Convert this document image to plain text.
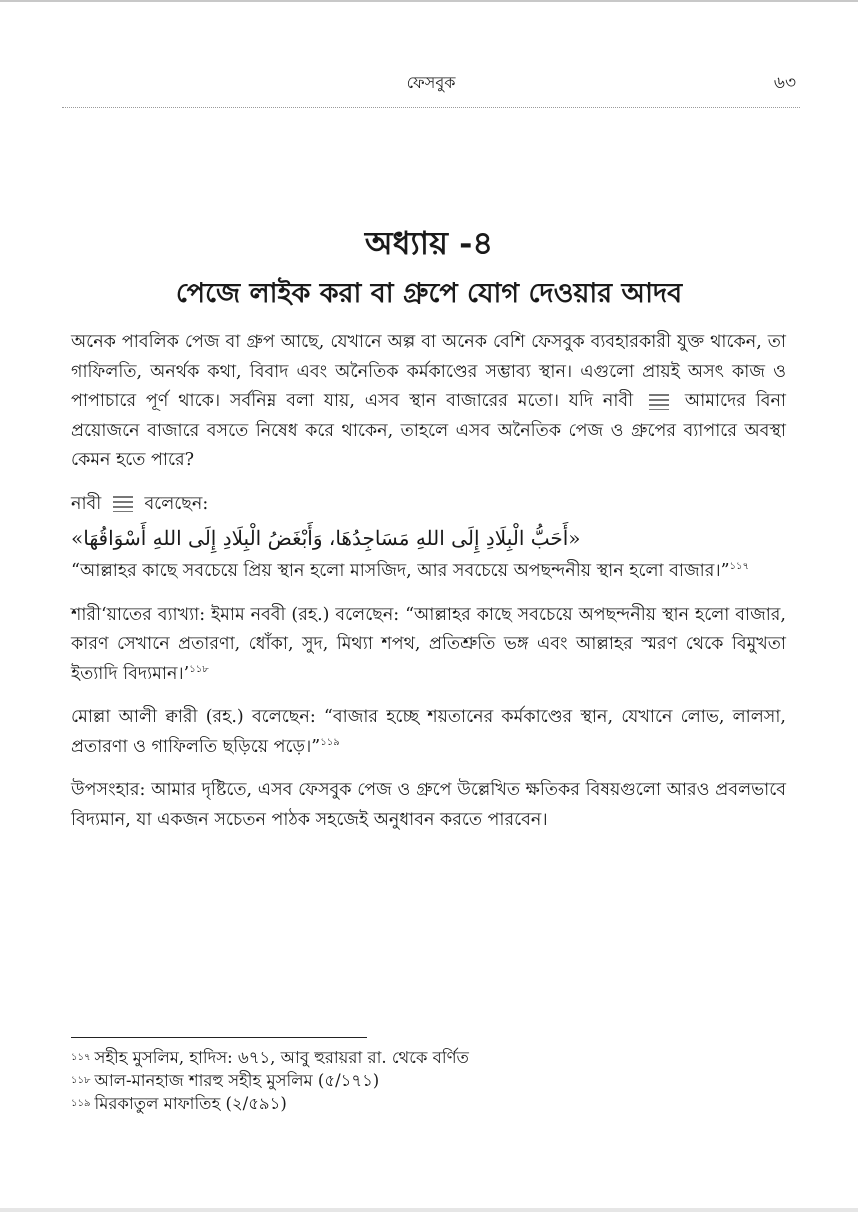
ফেসবুক	৬৩
অধ্যায় -৪
পেজে লাইক করা বা গ্রুপে যোগ দেওয়ার আদব

অনেক পাবলিক পেজ বা গ্রুপ আছে, যেখানে অল্প বা অনেক বেশি ফেসবুক ব্যবহারকারী যুক্ত থাকেন, তা গাফিলতি, অনর্থক কথা, বিবাদ এবং অনৈতিক কর্মকাণ্ডের সম্ভাব্য স্থান। এগুলো প্রায়ই অসৎ কাজ ও পাপাচারে পূর্ণ থাকে। সর্বনিম্ন বলা যায়, এসব স্থান বাজারের মতো। যদি নাবী	আমাদের বিনা প্রয়োজনে বাজারে বসতে নিষেধ করে থাকেন, তাহলে এসব অনৈতিক পেজ ও গ্রুপের ব্যাপারে অবস্থা কেমন হতে পারে?

নাবী বলেছেন:

«أَحَبُّ الْبِلَادِ إِلَى اللهِ مَسَاجِدُهَا، وَأَبْغَضُ الْبِلَادِ إِلَى اللهِ أَسْوَاقُهَا»

“আল্লাহর কাছে সবচেয়ে প্রিয় স্থান হলো মাসজিদ, আর সবচেয়ে অপছন্দনীয় স্থান হলো বাজার।”$^{১১৭}$

শারী‘য়াতের ব্যাখ্যা: ইমাম নববী (রহ.) বলেছেন: “আল্লাহর কাছে সবচেয়ে অপছন্দনীয় স্থান হলো বাজার, কারণ সেখানে প্রতারণা, ধোঁকা, সুদ, মিথ্যা শপথ, প্রতিশ্রুতি ভঙ্গ এবং আল্লাহর স্মরণ থেকে বিমুখতা ইত্যাদি বিদ্যমান।’$^{১১৮}$

মোল্লা আলী ক্বারী (রহ.) বলেছেন: “বাজার হচ্ছে শয়তানের কর্মকাণ্ডের স্থান, যেখানে লোভ, লালসা, প্রতারণা ও গাফিলতি ছড়িয়ে পড়ে।”$^{১১৯}$

উপসংহার: আমার দৃষ্টিতে, এসব ফেসবুক পেজ ও গ্রুপে উল্লেখিত ক্ষতিকর বিষয়গুলো আরও প্রবলভাবে বিদ্যমান, যা একজন সচেতন পাঠক সহজেই অনুধাবন করতে পারবেন।

$^{১১৭}$ সহীহ মুসলিম, হাদিস: ৬৭১, আবু হুরায়রা রা. থেকে বর্ণিত

$^{১১৮}$ আল-মানহাজ শারহু সহীহ মুসলিম (৫/১৭১)

$^{১১৯}$ মিরকাতুল মাফাতিহ (২/৫৯১)
